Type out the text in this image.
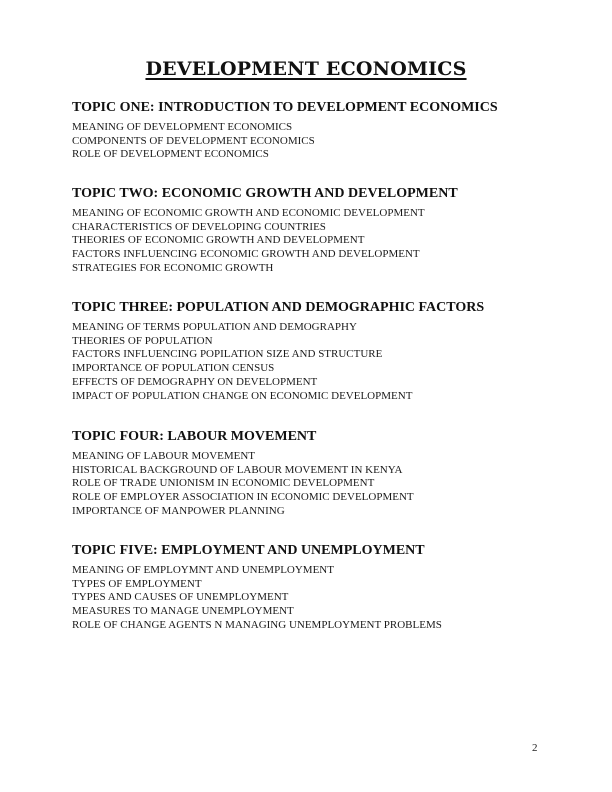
DEVELOPMENT ECONOMICS
TOPIC ONE: INTRODUCTION TO DEVELOPMENT ECONOMICS
MEANING OF DEVELOPMENT ECONOMICS
COMPONENTS OF DEVELOPMENT ECONOMICS
ROLE OF DEVELOPMENT ECONOMICS
TOPIC TWO: ECONOMIC GROWTH AND DEVELOPMENT
MEANING OF ECONOMIC GROWTH AND ECONOMIC DEVELOPMENT
CHARACTERISTICS OF DEVELOPING COUNTRIES
THEORIES OF ECONOMIC GROWTH AND DEVELOPMENT
FACTORS INFLUENCING ECONOMIC GROWTH AND DEVELOPMENT
STRATEGIES FOR ECONOMIC GROWTH
TOPIC THREE: POPULATION AND DEMOGRAPHIC FACTORS
MEANING OF TERMS POPULATION AND DEMOGRAPHY
THEORIES OF POPULATION
FACTORS INFLUENCING POPILATION SIZE AND STRUCTURE
IMPORTANCE OF POPULATION CENSUS
EFFECTS OF DEMOGRAPHY ON DEVELOPMENT
IMPACT OF POPULATION CHANGE ON ECONOMIC DEVELOPMENT
TOPIC FOUR: LABOUR MOVEMENT
MEANING OF LABOUR MOVEMENT
HISTORICAL BACKGROUND OF LABOUR MOVEMENT IN KENYA
ROLE OF TRADE UNIONISM IN ECONOMIC DEVELOPMENT
ROLE OF EMPLOYER ASSOCIATION IN ECONOMIC DEVELOPMENT
IMPORTANCE OF MANPOWER PLANNING
TOPIC FIVE: EMPLOYMENT AND UNEMPLOYMENT
MEANING OF EMPLOYMNT AND UNEMPLOYMENT
TYPES OF EMPLOYMENT
TYPES AND CAUSES OF UNEMPLOYMENT
MEASURES TO MANAGE UNEMPLOYMENT
ROLE OF CHANGE AGENTS N MANAGING UNEMPLOYMENT PROBLEMS
2
